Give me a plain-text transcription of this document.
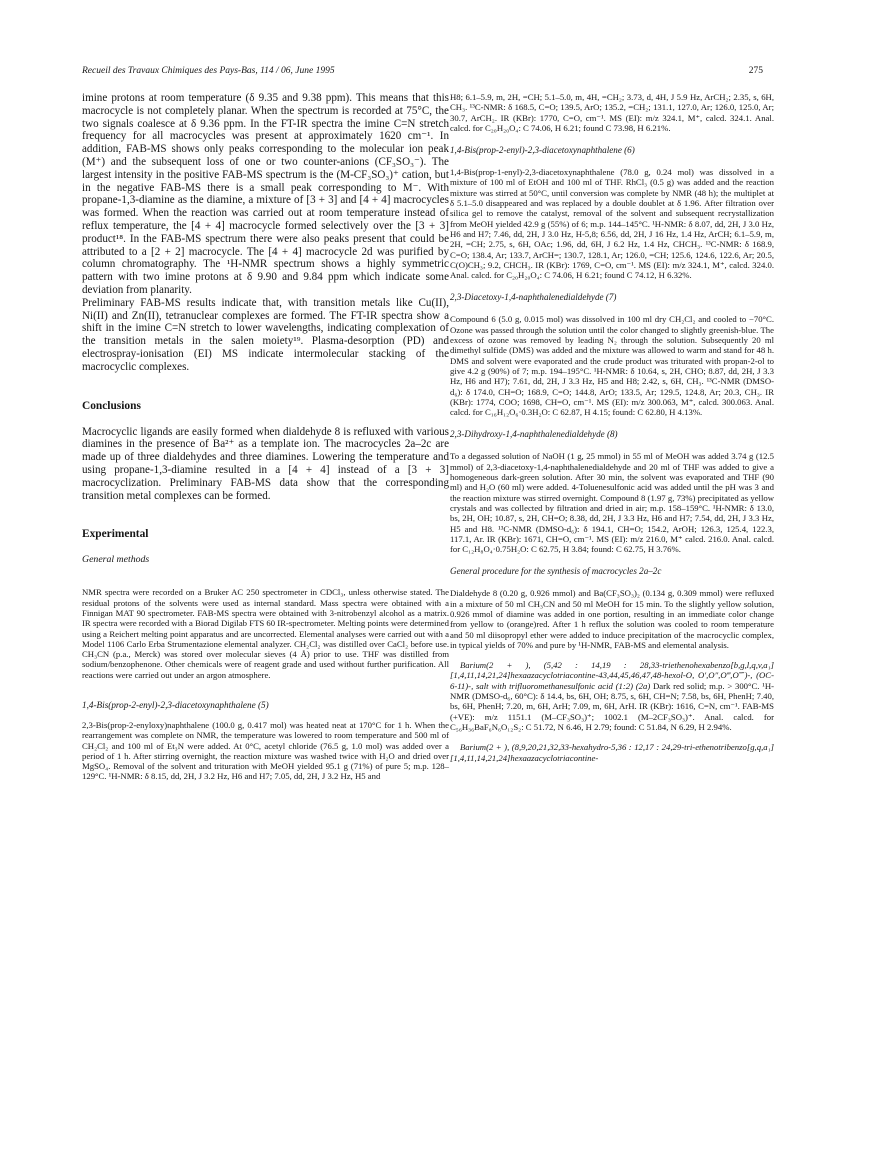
Recueil des Travaux Chimiques des Pays-Bas, 114 / 06, June 1995	275

imine protons at room temperature (δ 9.35 and 9.38 ppm). This means that this macrocycle is not completely planar. When the spectrum is recorded at 75°C, the two signals coalesce at δ 9.36 ppm. In the FT-IR spectra the imine C=N stretch frequency for all macrocycles was present at approximately 1620 cm⁻¹. In addition, FAB-MS shows only peaks corresponding to the molecular ion peak (M⁺) and the subsequent loss of one or two counter-anions (CF₃SO₃⁻). The largest intensity in the positive FAB-MS spectrum is the (M-CF₃SO₃)⁺ cation, but in the negative FAB-MS there is a small peak corresponding to M⁻. With propane-1,3-diamine as the diamine, a mixture of [3 + 3] and [4 + 4] macrocycles was formed. When the reaction was carried out at room temperature instead of reflux temperature, the [4 + 4] macrocycle formed selectively over the [3 + 3] product¹⁸. In the FAB-MS spectrum there were also peaks present that could be attributed to a [2 + 2] macrocycle. The [4 + 4] macrocycle 2d was purified by column chromatography. The ¹H-NMR spectrum shows a highly symmetric pattern with two imine protons at δ 9.90 and 9.84 ppm which indicate some deviation from planarity.

Preliminary FAB-MS results indicate that, with transition metals like Cu(II), Ni(II) and Zn(II), tetranuclear complexes are formed. The FT-IR spectra show a shift in the imine C=N stretch to lower wavelengths, indicating complexation of the transition metals in the salen moiety¹⁹. Plasma-desorption (PD) and electrospray-ionisation (EI) MS indicate intermolecular stacking of the macrocyclic complexes.

Conclusions

Macrocyclic ligands are easily formed when dialdehyde 8 is refluxed with various diamines in the presence of Ba²⁺ as a template ion. The macrocycles 2a–2c are made up of three dialdehydes and three diamines. Lowering the temperature and using propane-1,3-diamine resulted in a [4 + 4] instead of a [3 + 3] macrocyclization. Preliminary FAB-MS data show that the corresponding transition metal complexes can be formed.

Experimental
General methods

NMR spectra were recorded on a Bruker AC 250 spectrometer in CDCl₃, unless otherwise stated. The residual protons of the solvents were used as internal standard. Mass spectra were obtained with a Finnigan MAT 90 spectrometer. FAB-MS spectra were obtained with 3-nitrobenzyl alcohol as a matrix. IR spectra were recorded with a Biorad Digilab FTS 60 IR-spectrometer. Melting points were determined using a Reichert melting point apparatus and are uncorrected. Elemental analyses were carried out with a Model 1106 Carlo Erba Strumentazione elemental analyzer. CH₂Cl₂ was distilled over CaCl₂ before use. CH₃CN (p.a., Merck) was stored over molecular sieves (4 Å) prior to use. THF was distilled from sodium/benzophenone. Other chemicals were of reagent grade and used without further purification. All reactions were carried out under an argon atmosphere.

1,4-Bis(prop-2-enyl)-2,3-diacetoxynaphthalene (5)

2,3-Bis(prop-2-enyloxy)naphthalene (100.0 g, 0.417 mol) was heated neat at 170°C for 1 h. When the rearrangement was complete on NMR, the temperature was lowered to room temperature and 500 ml of CH₂Cl₂ and 100 ml of Et₃N were added. At 0°C, acetyl chloride (76.5 g, 1.0 mol) was added over a period of 1 h. After stirring overnight, the reaction mixture was washed twice with H₂O and dried over MgSO₄. Removal of the solvent and trituration with MeOH yielded 95.1 g (71%) of pure 5; m.p. 128–129°C. ¹H-NMR: δ 8.15, dd, 2H, J 3.2 Hz, H6 and H7; 7.05, dd, 2H, J 3.2 Hz, H5 and

H8; 6.1–5.9, m, 2H, =CH; 5.1–5.0, m, 4H, =CH₂; 3.73, d, 4H, J 5.9 Hz, ArCH₂; 2.35, s, 6H, CH₃. ¹³C-NMR: δ 168.5, C=O; 139.5, ArO; 135.2, =CH₂; 131.1, 127.0, Ar; 126.0, 125.0, Ar; 30.7, ArCH₂. IR (KBr): 1770, C=O, cm⁻¹. MS (EI): m/z 324.1, M⁺, calcd. 324.1. Anal. calcd. for C₂₀H₂₀O₄: C 74.06, H 6.21; found C 73.98, H 6.21%.

1,4-Bis(prop-2-enyl)-2,3-diacetoxynaphthalene (6)

1,4-Bis(prop-1-enyl)-2,3-diacetoxynaphthalene (78.0 g, 0.24 mol) was dissolved in a mixture of 100 ml of EtOH and 100 ml of THF. RhCl₃ (0.5 g) was added and the reaction mixture was stirred at 50°C, until conversion was complete by NMR (48 h); the multiplet at δ 5.1–5.0 disappeared and was replaced by a double doublet at δ 1.96. After filtration over silica gel to remove the catalyst, removal of the solvent and subsequent recrystallization from MeOH yielded 42.9 g (55%) of 6; m.p. 144–145°C. ¹H-NMR: δ 8.07, dd, 2H, J 3.0 Hz, H6 and H7; 7.46, dd, 2H, J 3.0 Hz, H-5,8; 6.56, dd, 2H, J 16 Hz, 1.4 Hz, ArCH; 6.1–5.9, m, 2H, =CH; 2.75, s, 6H, OAc; 1.96, dd, 6H, J 6.2 Hz, 1.4 Hz, CHCH₃. ¹³C-NMR: δ 168.9, C=O; 138.4, Ar; 133.7, ArCH=; 130.7, 128.1, Ar; 126.0, =CH; 125.6, 124.6, 122.6, Ar; 20.5, C(O)CH₃; 9.2, CHCH₃. IR (KBr): 1769, C=O, cm⁻¹. MS (EI): m/z 324.1, M⁺, calcd. 324.0. Anal. calcd. for C₂₀H₂₀O₄: C 74.06, H 6.21; found C 74.12, H 6.32%.

2,3-Diacetoxy-1,4-naphthalenedialdehyde (7)

Compound 6 (5.0 g, 0.015 mol) was dissolved in 100 ml dry CH₂Cl₂ and cooled to −70°C. Ozone was passed through the solution until the color changed to slightly greenish-blue. The excess of ozone was removed by leading N₂ through the solution. Subsequently 20 ml dimethyl sulfide (DMS) was added and the mixture was allowed to warm and stand for 48 h. DMS and solvent were evaporated and the crude product was triturated with propan-2-ol to give 4.2 g (90%) of 7; m.p. 194–195°C. ¹H-NMR: δ 10.64, s, 2H, CHO; 8.87, dd, 2H, J 3.3 Hz, H6 and H7); 7.61, dd, 2H, J 3.3 Hz, H5 and H8; 2.42, s, 6H, CH₃. ¹³C-NMR (DMSO-d₆): δ 174.0, CH=O; 168.9, C=O; 144.8, ArO; 133.5, Ar; 129.5, 124.8, Ar; 20.3, CH₃. IR (KBr): 1774, COO; 1698, CH=O, cm⁻¹. MS (EI): m/z 300.063, M⁺, calcd. 300.063. Anal. calcd. for C₁₆H₁₂O₆·0.3H₂O: C 62.87, H 4.15; found: C 62.80, H 4.13%.

2,3-Dihydroxy-1,4-naphthalenedialdehyde (8)

To a degassed solution of NaOH (1 g, 25 mmol) in 55 ml of MeOH was added 3.74 g (12.5 mmol) of 2,3-diacetoxy-1,4-naphthalenedialdehyde and 20 ml of THF was added to give a homogeneous dark-green solution. After 30 min, the solvent was evaporated and THF (90 ml) and H₂O (60 ml) were added. 4-Toluenesulfonic acid was added until the pH was 3 and the reaction mixture was stirred overnight. Compound 8 (1.97 g, 73%) precipitated as yellow crystals and was collected by filtration and dried in air; m.p. 158–159°C. ¹H-NMR: δ 13.0, bs, 2H, OH; 10.87, s, 2H, CH=O; 8.38, dd, 2H, J 3.3 Hz, H6 and H7; 7.54, dd, 2H, J 3.3 Hz, H5 and H8. ¹³C-NMR (DMSO-d₆): δ 194.1, CH=O; 154.2, ArOH; 126.3, 125.4, 122.3, 117.1, Ar. IR (KBr): 1671, CH=O, cm⁻¹. MS (EI): m/z 216.0, M⁺ calcd. 216.0. Anal. calcd. for C₁₂H₈O₄·0.75H₂O: C 62.75, H 3.84; found: C 62.75, H 3.76%.

General procedure for the synthesis of macrocycles 2a–2c

Dialdehyde 8 (0.20 g, 0.926 mmol) and Ba(CF₃SO₃)₂ (0.134 g, 0.309 mmol) were refluxed in a mixture of 50 ml CH₃CN and 50 ml MeOH for 15 min. To the slightly yellow solution, 0.926 mmol of diamine was added in one portion, resulting in an immediate color change from yellow to (orange)red. After 1 h reflux the solution was cooled to room temperature and 50 ml diisopropyl ether were added to induce precipitation of the macrocyclic complex, in typical yields of 70% and pure by ¹H-NMR, FAB-MS and elemental analysis.

Barium(2 + ), (5,42 : 14,19 : 28,33-triethenohexabenzo[b,g,l,q,v,a₁] [1,4,11,14,21,24]hexaazacyclotriacontine-43,44,45,46,47,48-hexol-O, O′,O″,O‴,O⁗)-, (OC-6-11)-, salt with trifluoromethanesulfonic acid (1:2) (2a) Dark red solid; m.p. > 300°C. ¹H-NMR (DMSO-d₆, 60°C): δ 14.4, bs, 6H, OH; 8.75, s, 6H, CH=N; 7.58, bs, 6H, PhenH; 7.40, bs, 6H, PhenH; 7.20, m, 6H, ArH; 7.09, m, 6H, ArH. IR (KBr): 1616, C=N, cm⁻¹. FAB-MS (+VE): m/z 1151.1 (M–CF₃SO₃)⁺; 1002.1 (M–2CF₃SO₃)⁺. Anal. calcd. for C₅₆H₃₆BaF₆N₆O₁₂S₂: C 51.72, N 6.46, H 2.79; found: C 51.84, N 6.29, H 2.94%.

Barium(2 + ), (8,9,20,21,32,33-hexahydro-5,36 : 12,17 : 24,29-tri-ethenotribenzo[g,q,a₁] [1,4,11,14,21,24]hexaazacyclotriacontine-
